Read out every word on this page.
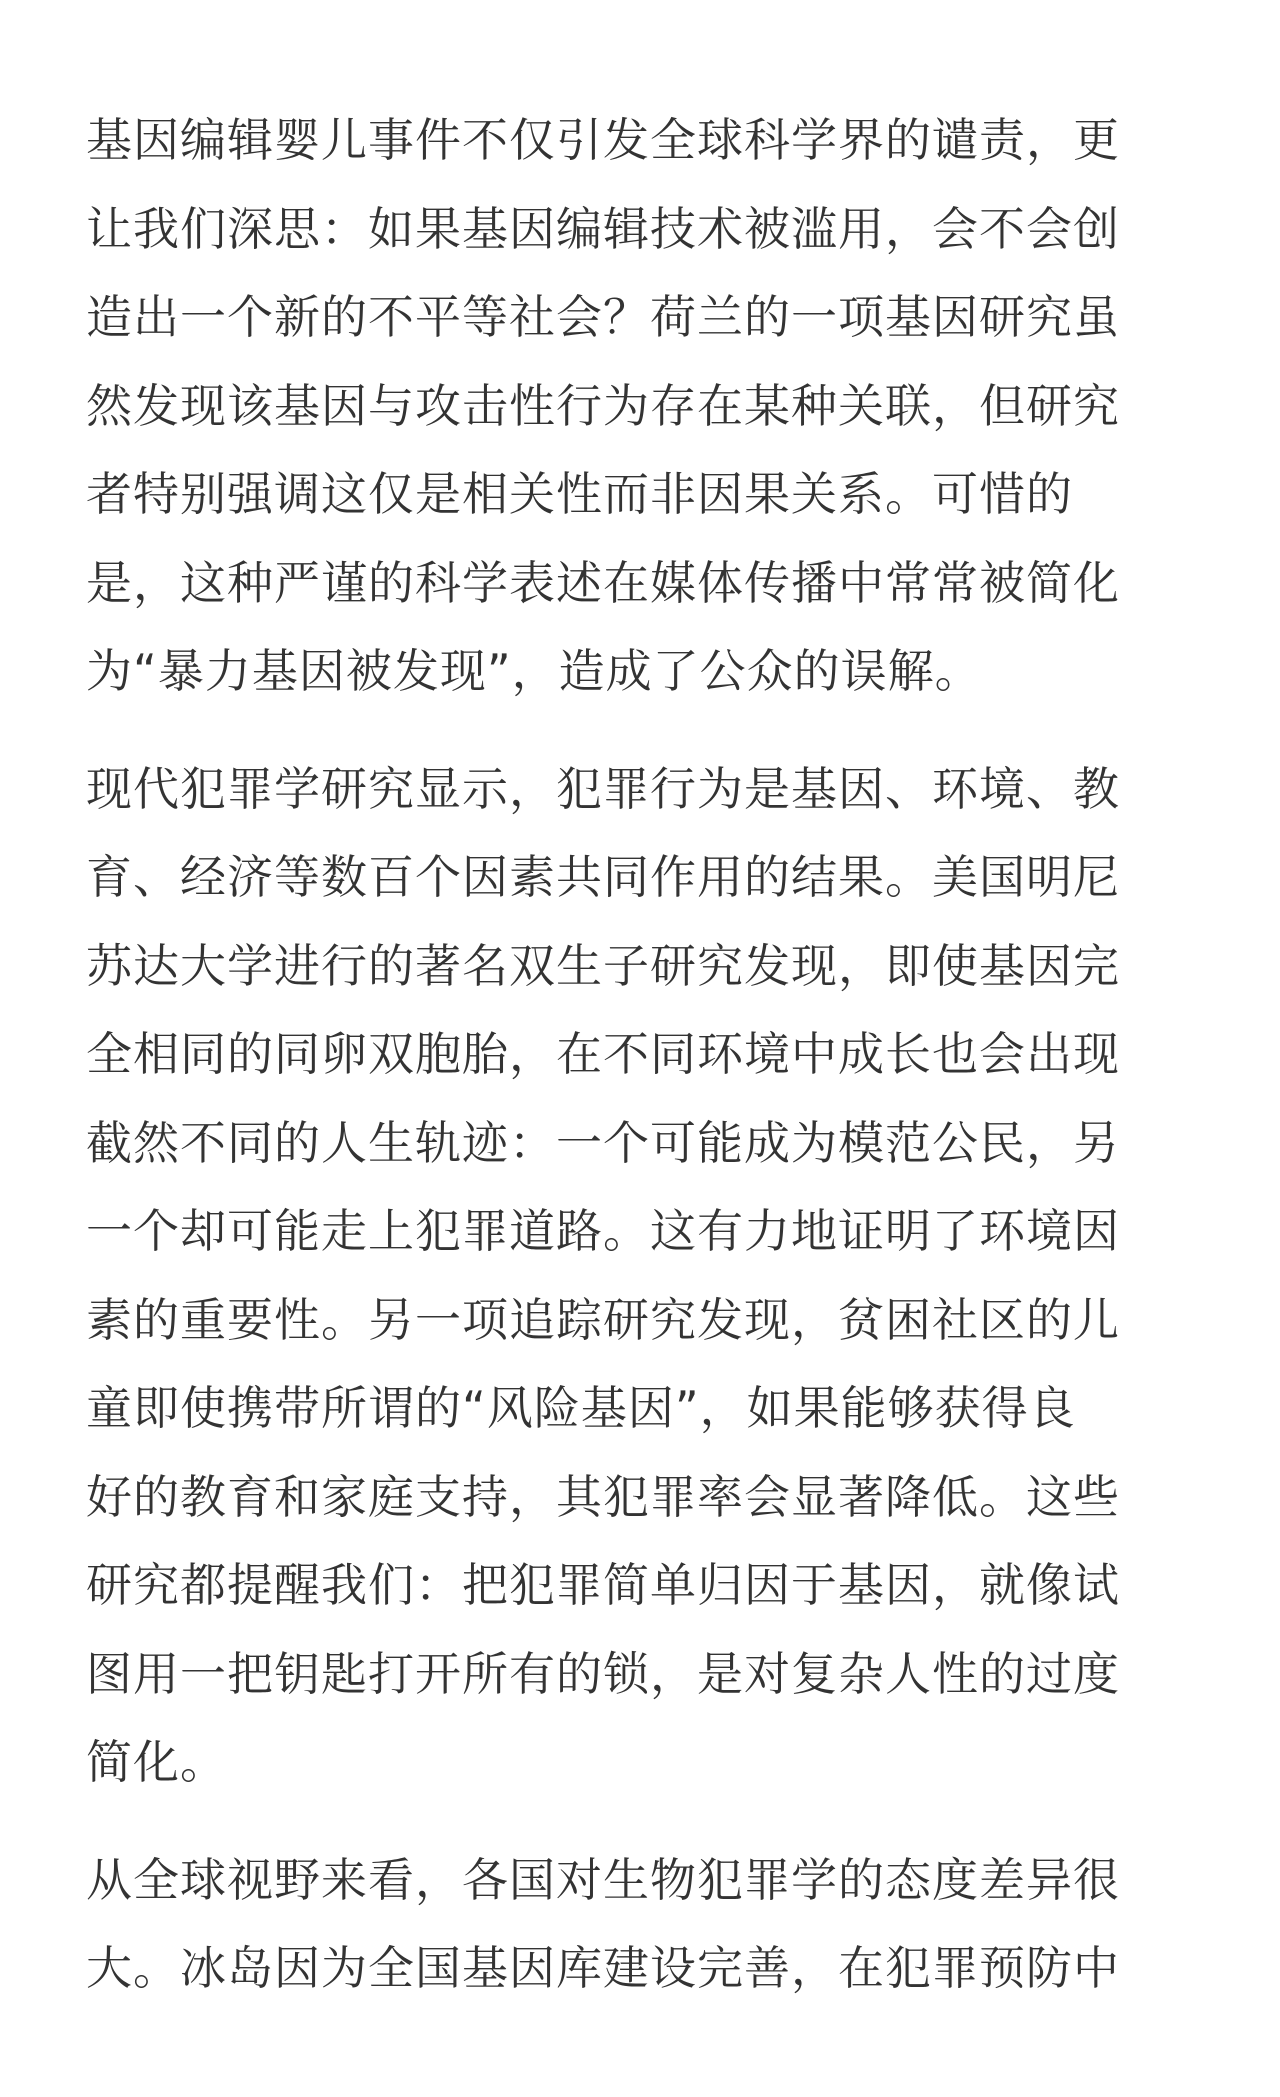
基因编辑婴儿事件不仅引发全球科学界的谴责，更
让我们深思：如果基因编辑技术被滥用，会不会创
造出一个新的不平等社会？荷兰的一项基因研究虽
然发现该基因与攻击性行为存在某种关联，但研究
者特别强调这仅是相关性而非因果关系。可惜的
是，这种严谨的科学表述在媒体传播中常常被简化
为“暴力基因被发现”，造成了公众的误解。

现代犯罪学研究显示，犯罪行为是基因、环境、教
育、经济等数百个因素共同作用的结果。美国明尼
苏达大学进行的著名双生子研究发现，即使基因完
全相同的同卵双胞胎，在不同环境中成长也会出现
截然不同的人生轨迹：一个可能成为模范公民，另
一个却可能走上犯罪道路。这有力地证明了环境因
素的重要性。另一项追踪研究发现，贫困社区的儿
童即使携带所谓的“风险基因”，如果能够获得良
好的教育和家庭支持，其犯罪率会显著降低。这些
研究都提醒我们：把犯罪简单归因于基因，就像试
图用一把钥匙打开所有的锁，是对复杂人性的过度
简化。

从全球视野来看，各国对生物犯罪学的态度差异很
大。冰岛因为全国基因库建设完善，在犯罪预防中
